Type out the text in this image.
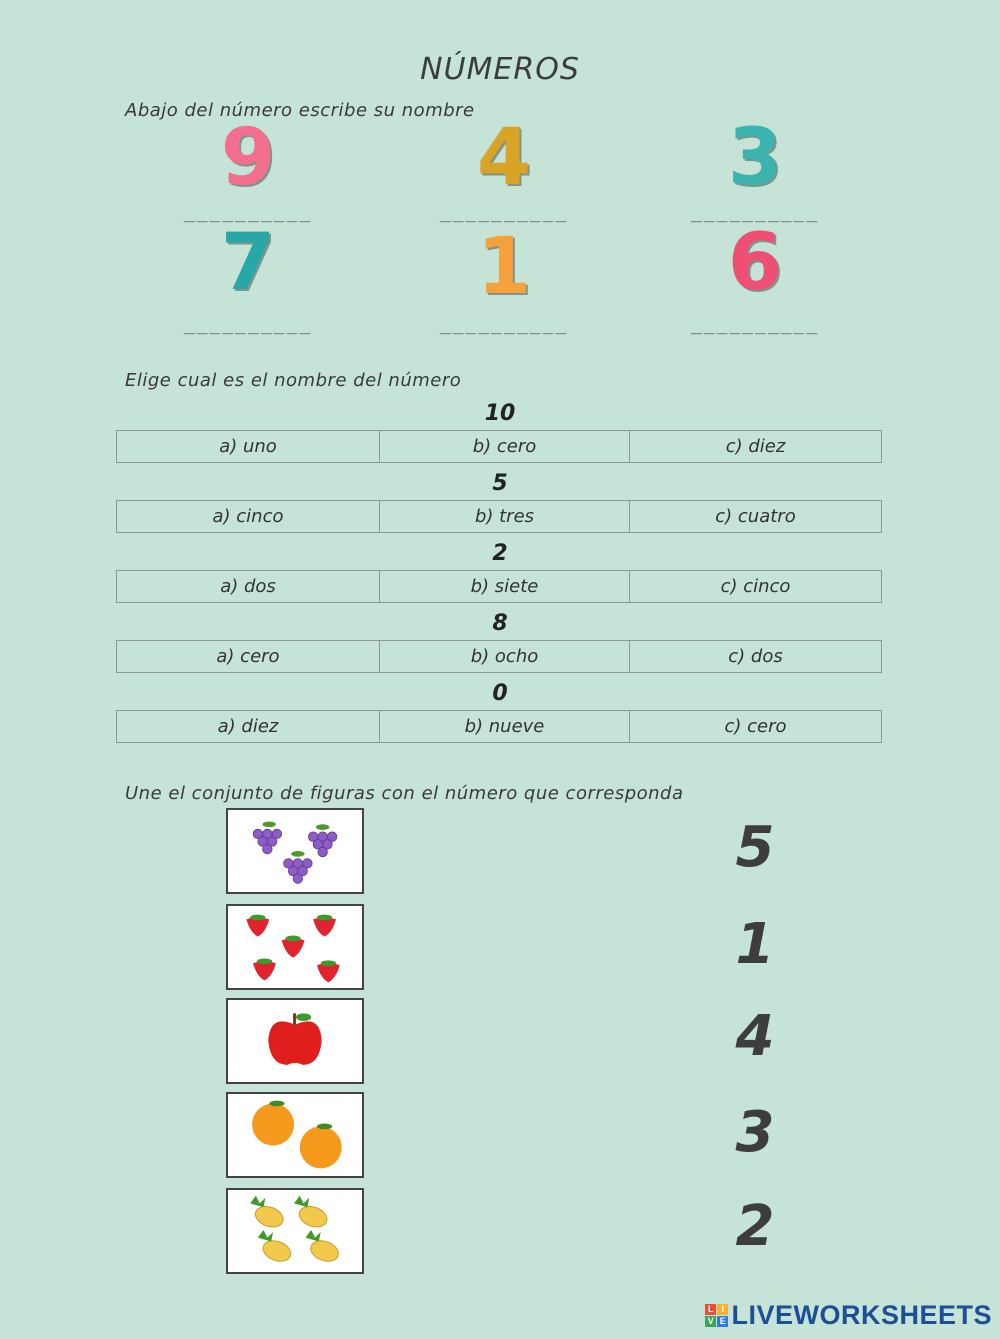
NÚMEROS
Abajo del número escribe su nombre
9	4	3
__________	__________	__________
7	1	6
__________	__________	__________
Elige cual es el nombre del número
10
a) uno	b) cero	c) diez
5
a) cinco	b) tres	c) cuatro
2
a) dos	b) siete	c) cinco
8
a) cero	b) ocho	c) dos
0
a) diez	b) nueve	c) cero
Une el conjunto de figuras con el número que corresponda
5
1
4
3
2
L I
V E LIVEWORKSHEETS
